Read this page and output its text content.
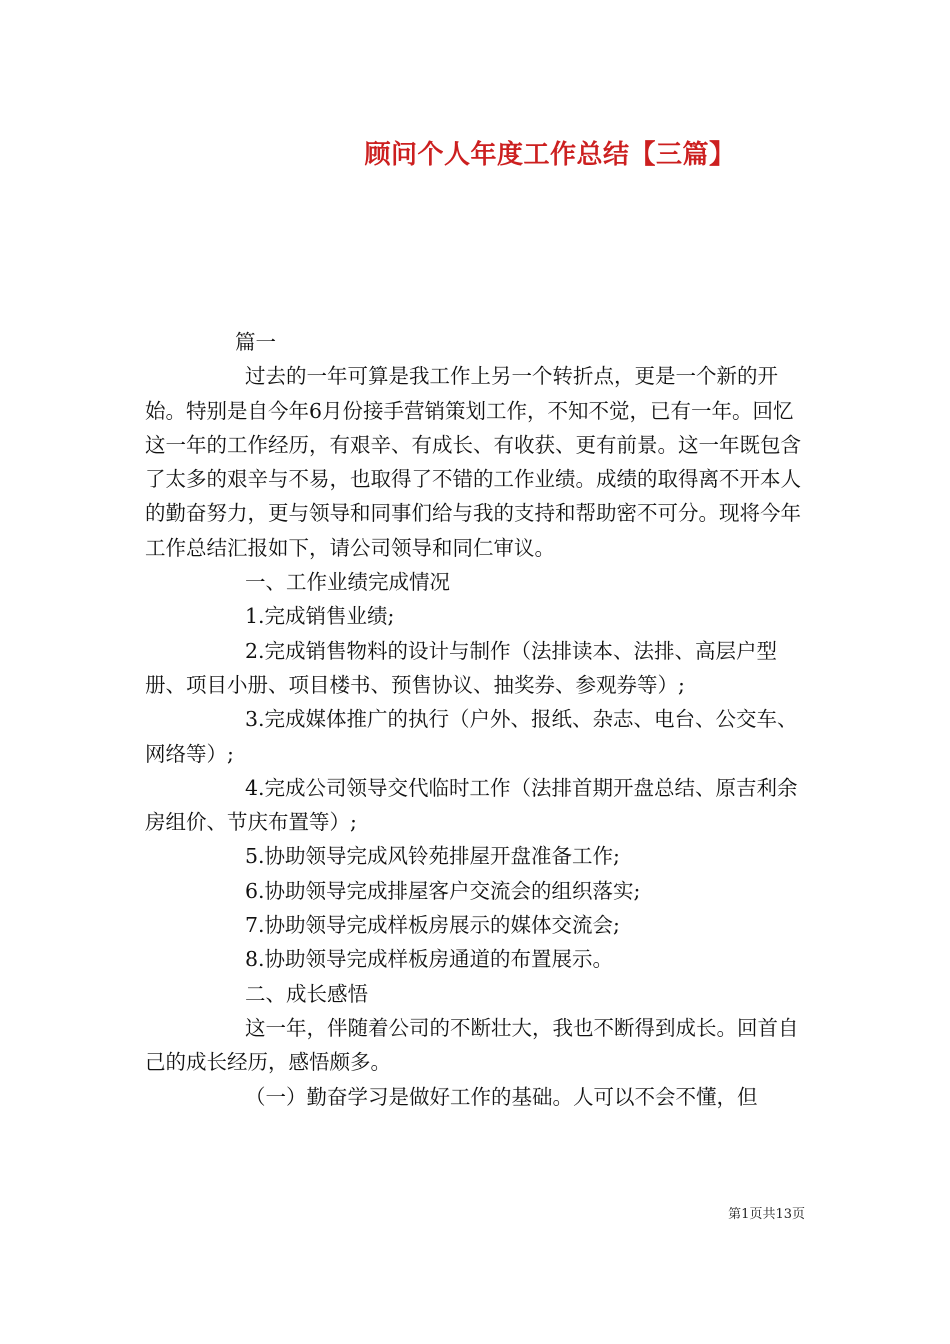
顾问个人年度工作总结【三篇】

篇一

过去的一年可算是我工作上另一个转折点，更是一个新的开始。特别是自今年6月份接手营销策划工作，不知不觉，已有一年。回忆这一年的工作经历，有艰辛、有成长、有收获、更有前景。这一年既包含了太多的艰辛与不易，也取得了不错的工作业绩。成绩的取得离不开本人的勤奋努力，更与领导和同事们给与我的支持和帮助密不可分。现将今年工作总结汇报如下，请公司领导和同仁审议。

一、工作业绩完成情况

1.完成销售业绩;

2.完成销售物料的设计与制作（法排读本、法排、高层户型册、项目小册、项目楼书、预售协议、抽奖券、参观券等）;

3.完成媒体推广的执行（户外、报纸、杂志、电台、公交车、网络等）;

4.完成公司领导交代临时工作（法排首期开盘总结、原吉利余房组价、节庆布置等）;

5.协助领导完成风铃苑排屋开盘准备工作;

6.协助领导完成排屋客户交流会的组织落实;

7.协助领导完成样板房展示的媒体交流会;

8.协助领导完成样板房通道的布置展示。

二、成长感悟

这一年，伴随着公司的不断壮大，我也不断得到成长。回首自己的成长经历，感悟颇多。

（一）勤奋学习是做好工作的基础。人可以不会不懂，但

第1页共13页
